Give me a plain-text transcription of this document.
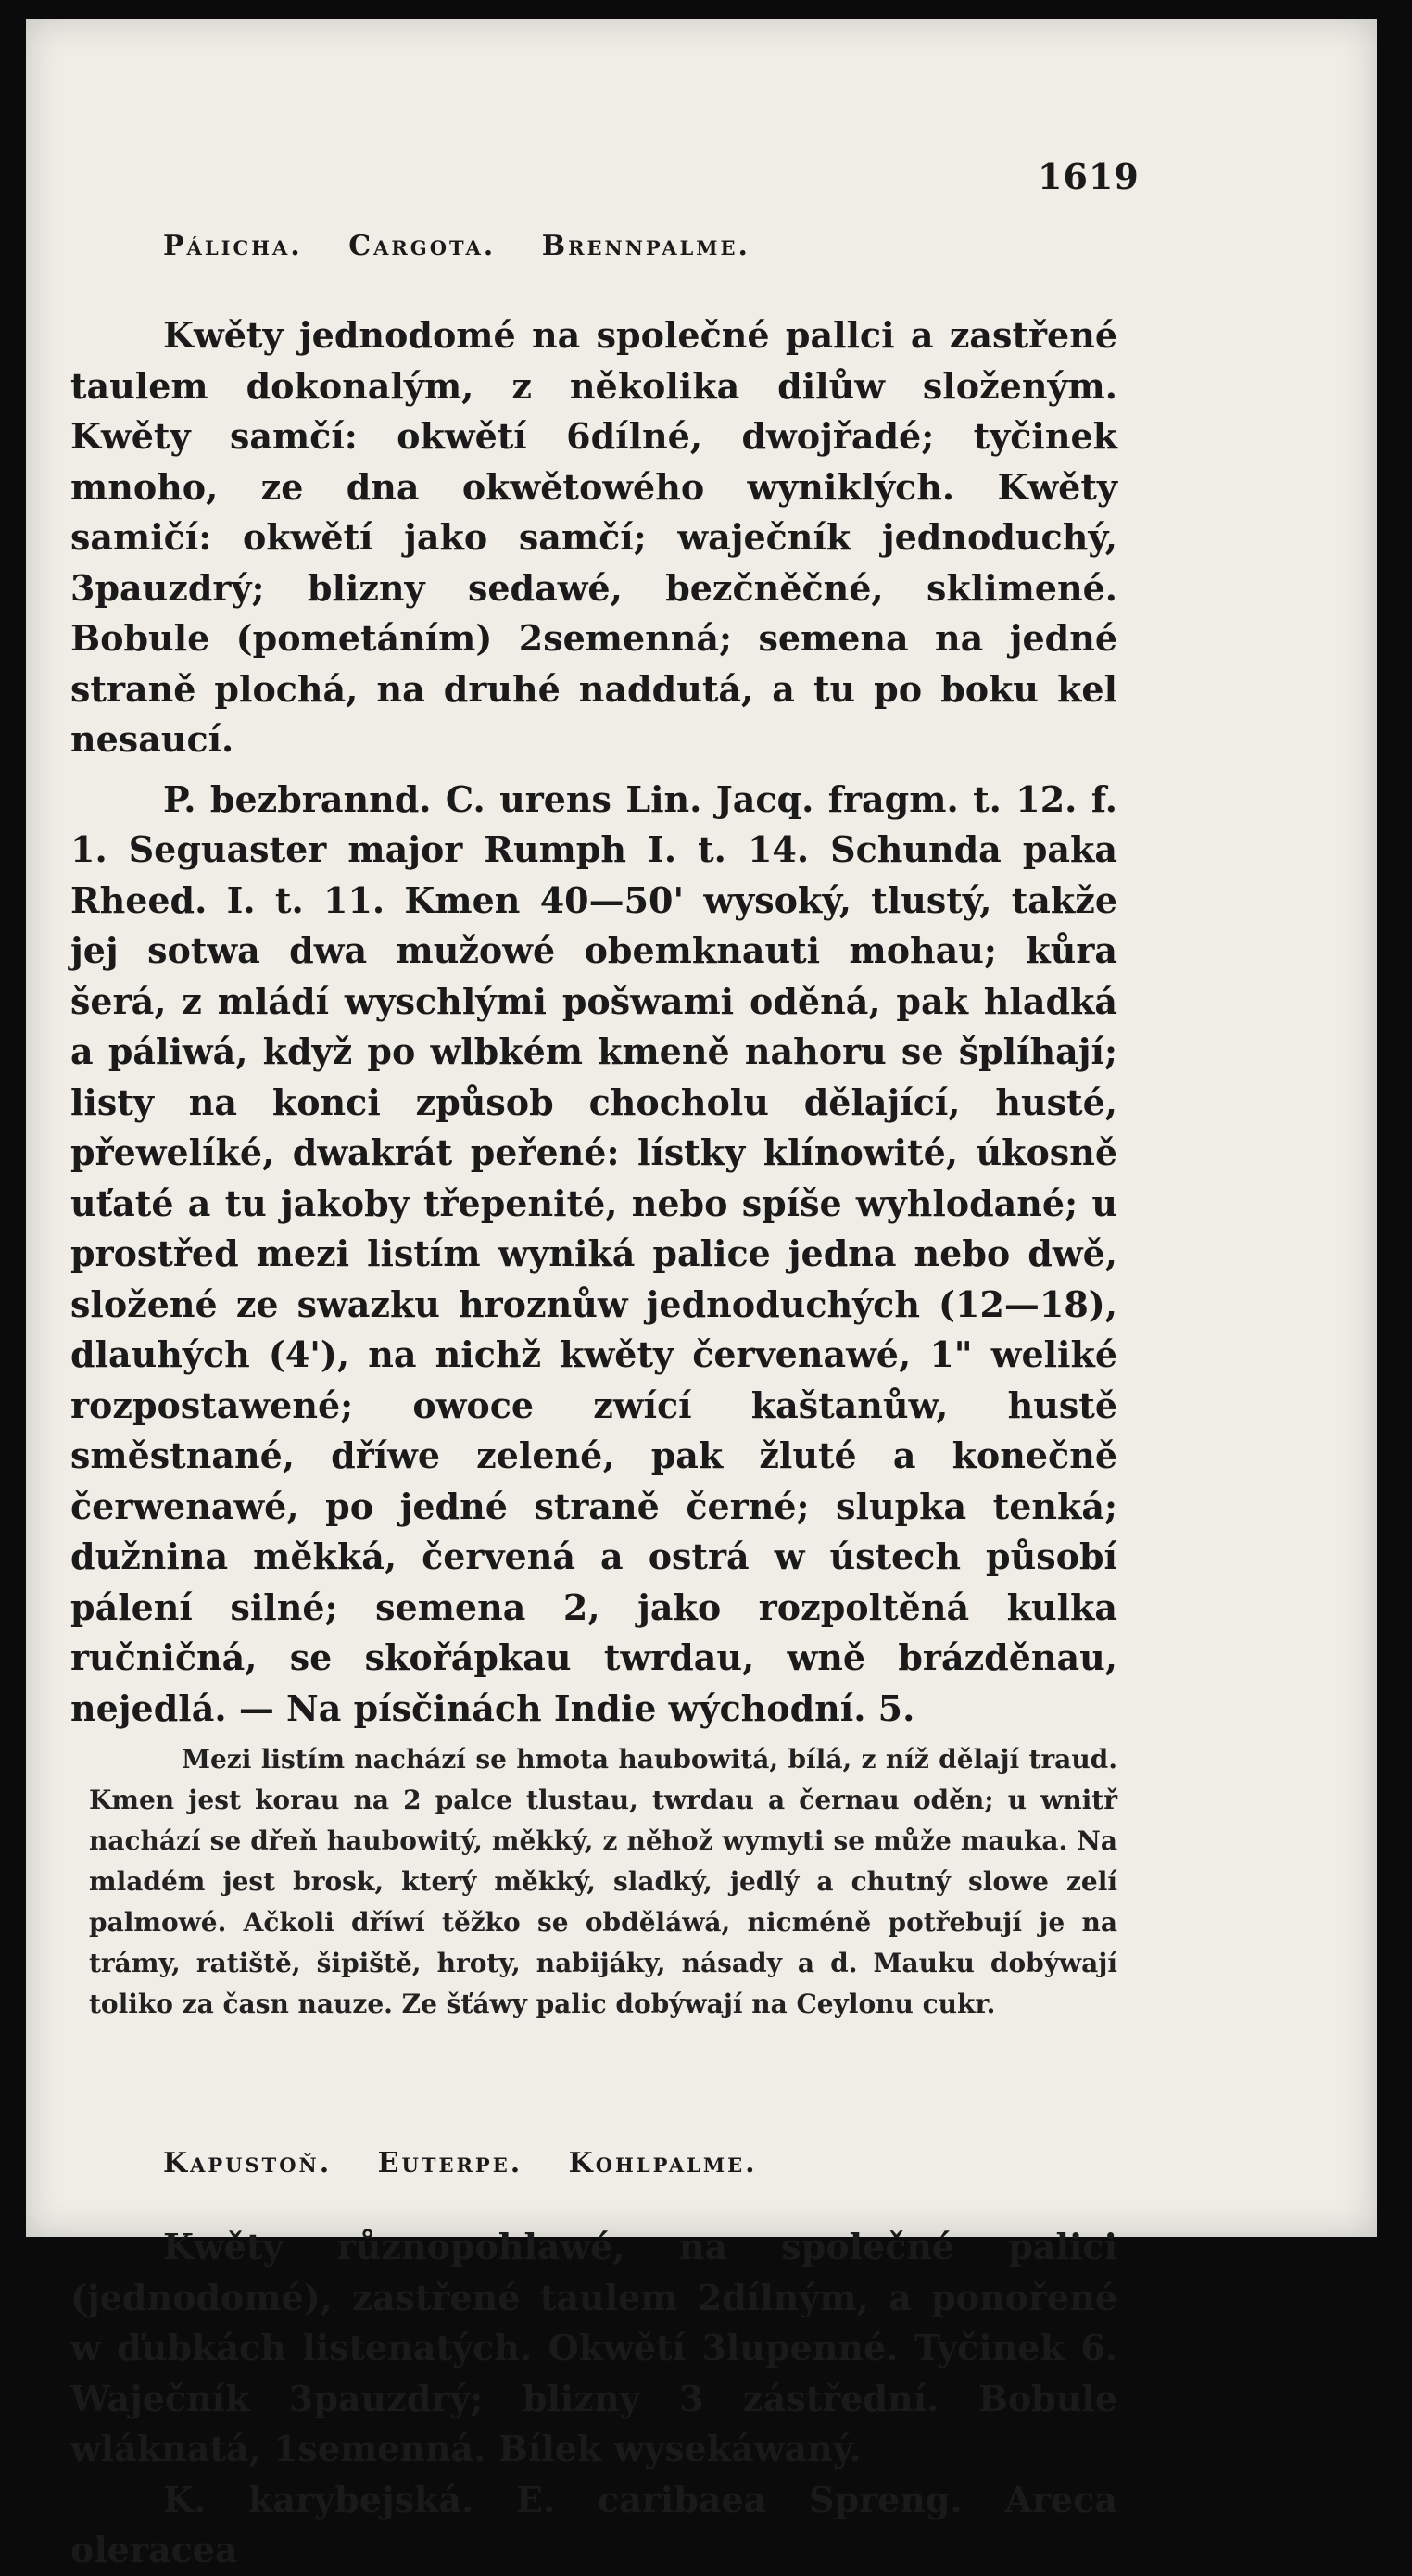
1619
Pálicha. Cargota. Brennpalme.

Kwěty jednodomé na společné pallci a zastřené taulem dokonalým, z několika dilůw složeným. Kwěty samčí: okwětí 6dílné, dwojřadé; tyčinek mnoho, ze dna okwětowého wyniklých. Kwěty samičí: okwětí jako samčí; waječník jednoduchý, 3pauzdrý; blizny sedawé, bezčněčné, sklimené. Bobule (pometáním) 2semenná; semena na jedné straně plochá, na druhé naddutá, a tu po boku kel nesaucí.

P. bezbrannd. C. urens Lin. Jacq. fragm. t. 12. f. 1. Seguaster major Rumph I. t. 14. Schunda paka Rheed. I. t. 11. Kmen 40—50' wysoký, tlustý, takže jej sotwa dwa mužowé obemknauti mohau; kůra šerá, z mládí wyschlými pošwami oděná, pak hladká a páliwá, když po wlbkém kmeně nahoru se šplíhají; listy na konci způsob chocholu dělající, husté, přewelíké, dwakrát peřené: lístky klínowité, úkosně uťaté a tu jakoby třepenité, nebo spíše wyhlodané; u prostřed mezi listím wyniká palice jedna nebo dwě, složené ze swazku hroznůw jednoduchých (12—18), dlauhých (4'), na nichž kwěty červenawé, 1" weliké rozpostawené; owoce zwící kaštanůw, hustě směstnané, dříwe zelené, pak žluté a konečně čerwenawé, po jedné straně černé; slupka tenká; dužnina měkká, červená a ostrá w ústech působí pálení silné; semena 2, jako rozpoltěná kulka ručničná, se skořápkau twrdau, wně brázděnau, nejedlá. — Na písčinách Indie wýchodní. 5.

Mezi listím nachází se hmota haubowitá, bílá, z níž dělají traud. Kmen jest korau na 2 palce tlustau, twrdau a černau oděn; u wnitř nachází se dřeň haubowitý, měkký, z něhož wymyti se může mauka. Na mladém jest brosk, který měkký, sladký, jedlý a chutný slowe zelí palmowé. Ačkoli dříwí těžko se obděláwá, nicméně potřebují je na trámy, ratiště, šipiště, hroty, nabijáky, násady a d. Mauku dobýwají toliko za časn nauze. Ze šťáwy palic dobýwají na Ceylonu cukr.

Kapustoň. Euterpe. Kohlpalme.

Kwěty různopohlawé, na společné palici (jednodomé), zastřené taulem 2dílným, a ponořené w ďubkách listenatých. Okwětí 3lupenné. Tyčinek 6. Waječník 3pauzdrý; blizny 3 zástřední. Bobule wláknatá, 1semenná. Bílek wysekáwaný.

K. karybejská. E. caribaea Spreng. Areca oleracea
